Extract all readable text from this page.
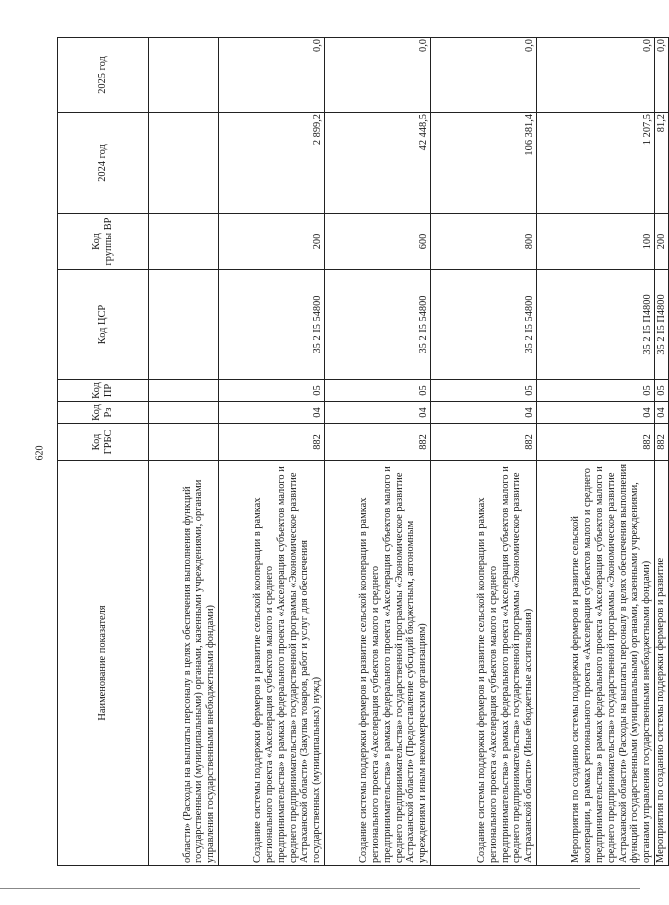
620
Наименование показателя	Код ГРБС	Код Рз	Код ПР	Код ЦСР	Код группы ВР	2024 год	2025 год
области» (Расходы на выплаты персоналу в целях обеспечения выполнения функций государственными (муниципальными) органами, казенными учреждениями, органами управления государственными внебюджетными фондами)							
Создание системы поддержки фермеров и развитие сельской кооперации в рамках регионального проекта «Акселерация субъектов малого и среднего предпринимательства» в рамках федерального проекта «Акселерация субъектов малого и среднего предпринимательства» государственной программы «Экономическое развитие Астраханской области» (Закупка товаров, работ и услуг для обеспечения государственных (муниципальных) нужд)	882	04	05	35 2 I5 54800	200	2 899,2	0,0
Создание системы поддержки фермеров и развитие сельской кооперации в рамках регионального проекта «Акселерация субъектов малого и среднего предпринимательства» в рамках федерального проекта «Акселерация субъектов малого и среднего предпринимательства» государственной программы «Экономическое развитие Астраханской области» (Предоставление субсидий бюджетным, автономным учреждениям и иным некоммерческим организациям)	882	04	05	35 2 I5 54800	600	42 448,5	0,0
Создание системы поддержки фермеров и развитие сельской кооперации в рамках регионального проекта «Акселерация субъектов малого и среднего предпринимательства» в рамках федерального проекта «Акселерация субъектов малого и среднего предпринимательства» государственной программы «Экономическое развитие Астраханской области» (Иные бюджетные ассигнования)	882	04	05	35 2 I5 54800	800	106 381,4	0,0
Мероприятия по созданию системы поддержки фермеров и развитие сельской кооперации, в рамках регионального проекта «Акселерация субъектов малого и среднего предпринимательства» в рамках федерального проекта «Акселерация субъектов малого и среднего предпринимательства» государственной программы «Экономическое развитие Астраханской области» (Расходы на выплаты персоналу в целях обеспечения выполнения функций государственными (муниципальными) органами, казенными учреждениями, органами управления государственными внебюджетными фондами)	882	04	05	35 2 I5 П4800	100	1 207,5	0,0
Мероприятия по созданию системы поддержки фермеров и развитие	882	04	05	35 2 I5 П4800	200	81,2	0,0
